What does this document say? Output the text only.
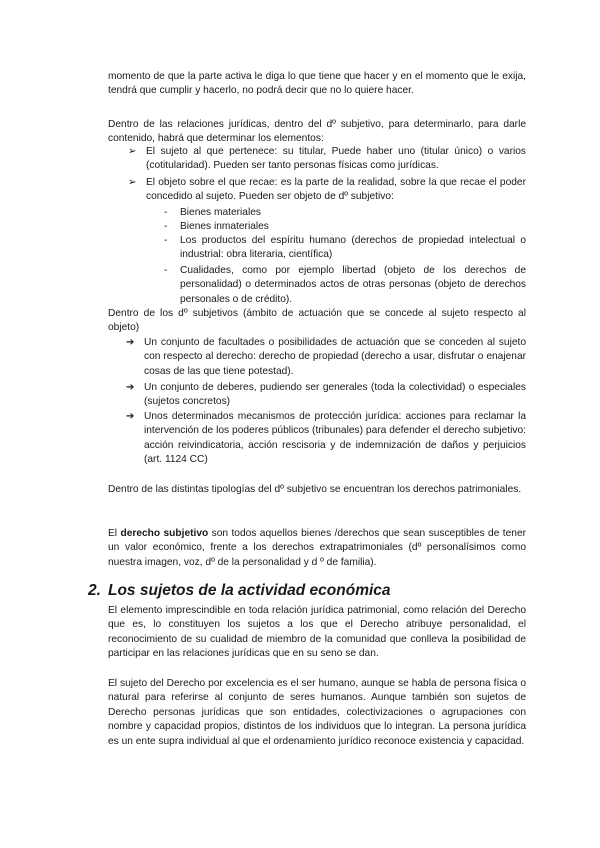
momento de que la parte activa le diga lo que tiene que hacer y en el momento que le exija, tendrá que cumplir y hacerlo, no podrá decir que no lo quiere hacer.

Dentro de las relaciones jurídicas, dentro del dº subjetivo, para determinarlo, para darle contenido, habrá que determinar los elementos:

➢ El sujeto al que pertenece: su titular, Puede haber uno (titular único) o varios (cotitularidad). Pueden ser tanto personas físicas como jurídicas.

➢ El objeto sobre el que recae: es la parte de la realidad, sobre la que recae el poder concedido al sujeto. Pueden ser objeto de dº subjetivo:

- Bienes materiales

- Bienes inmateriales

- Los productos del espíritu humano (derechos de propiedad intelectual o industrial: obra literaria, científica)

- Cualidades, como por ejemplo libertad (objeto de los derechos de personalidad) o determinados actos de otras personas (objeto de derechos personales o de crédito).

Dentro de los dº subjetivos (ámbito de actuación que se concede al sujeto respecto al objeto)

➔ Un conjunto de facultades o posibilidades de actuación que se conceden al sujeto con respecto al derecho: derecho de propiedad (derecho a usar, disfrutar o enajenar cosas de las que tiene potestad).

➔ Un conjunto de deberes, pudiendo ser generales (toda la colectividad) o especiales (sujetos concretos)

➔ Unos determinados mecanismos de protección jurídica: acciones para reclamar la intervención de los poderes públicos (tribunales) para defender el derecho subjetivo: acción reivindicatoria, acción rescisoria y de indemnización de daños y perjuicios (art. 1124 CC)

Dentro de las distintas tipologías del dº subjetivo se encuentran los derechos patrimoniales.

El derecho subjetivo son todos aquellos bienes /derechos que sean susceptibles de tener un valor económico, frente a los derechos extrapatrimoniales (dº personalísimos como nuestra imagen, voz, dº de la personalidad y d º de familia).

2. Los sujetos de la actividad económica

El elemento imprescindible en toda relación jurídica patrimonial, como relación del Derecho que es, lo constituyen los sujetos a los que el Derecho atribuye personalidad, el reconocimiento de su cualidad de miembro de la comunidad que conlleva la posibilidad de participar en las relaciones jurídicas que en su seno se dan.

El sujeto del Derecho por excelencia es el ser humano, aunque se habla de persona física o natural para referirse al conjunto de seres humanos. Aunque también son sujetos de Derecho personas jurídicas que son entidades, colectivizaciones o agrupaciones con nombre y capacidad propios, distintos de los individuos que lo integran. La persona jurídica es un ente supra individual al que el ordenamiento jurídico reconoce existencia y capacidad.
